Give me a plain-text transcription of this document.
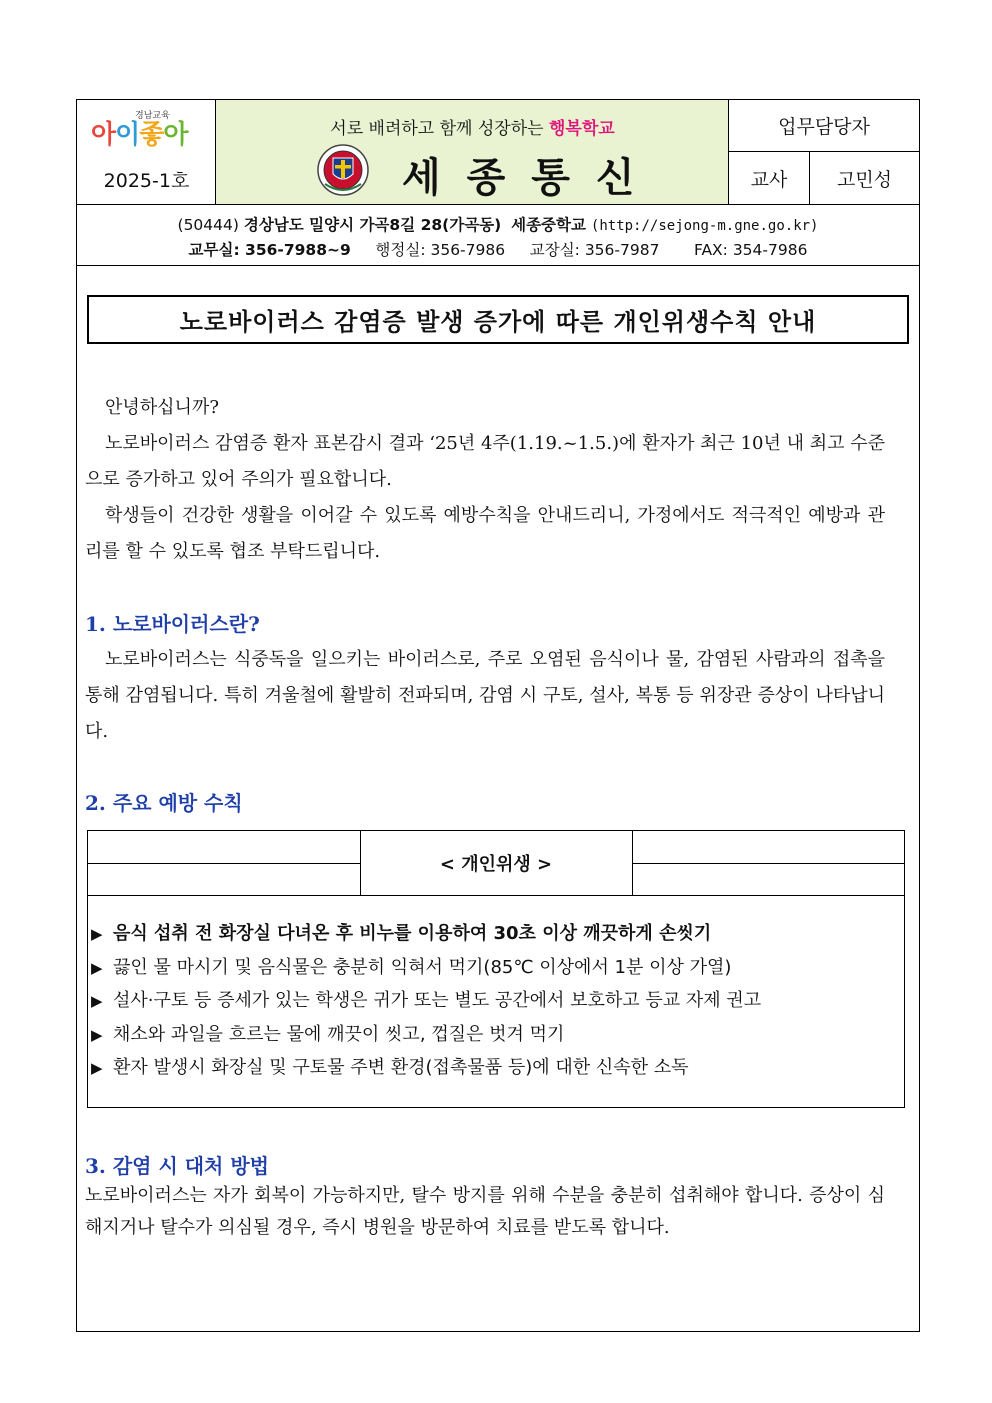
경남교육
아이좋아
2025-1호
서로 배려하고 함께 성장하는 행복학교
세종통신
업무담당자
교사	고민성
(50444) 경상남도 밀양시 가곡8길 28(가곡동) 세종중학교 (http://sejong-m.gne.go.kr)
교무실: 356-7988~9 행정실: 356-7986 교장실: 356-7987 FAX: 354-7986
노로바이러스 감염증 발생 증가에 따른 개인위생수칙 안내

안녕하십니까?

노로바이러스 감염증 환자 표본감시 결과 ‘25년 4주(1.19.~1.5.)에 환자가 최근 10년 내 최고 수준으로 증가하고 있어 주의가 필요합니다.

학생들이 건강한 생활을 이어갈 수 있도록 예방수칙을 안내드리니, 가정에서도 적극적인 예방과 관리를 할 수 있도록 협조 부탁드립니다.

1. 노로바이러스란?

노로바이러스는 식중독을 일으키는 바이러스로, 주로 오염된 음식이나 물, 감염된 사람과의 접촉을 통해 감염됩니다. 특히 겨울철에 활발히 전파되며, 감염 시 구토, 설사, 복통 등 위장관 증상이 나타납니다.

2. 주요 예방 수칙
< 개인위생 >
▶ 음식 섭취 전 화장실 다녀온 후 비누를 이용하여 30초 이상 깨끗하게 손씻기
▶ 끓인 물 마시기 및 음식물은 충분히 익혀서 먹기(85℃ 이상에서 1분 이상 가열)
▶ 설사·구토 등 증세가 있는 학생은 귀가 또는 별도 공간에서 보호하고 등교 자제 권고
▶ 채소와 과일을 흐르는 물에 깨끗이 씻고, 껍질은 벗겨 먹기
▶ 환자 발생시 화장실 및 구토물 주변 환경(접촉물품 등)에 대한 신속한 소독
3. 감염 시 대처 방법

노로바이러스는 자가 회복이 가능하지만, 탈수 방지를 위해 수분을 충분히 섭취해야 합니다. 증상이 심해지거나 탈수가 의심될 경우, 즉시 병원을 방문하여 치료를 받도록 합니다.
